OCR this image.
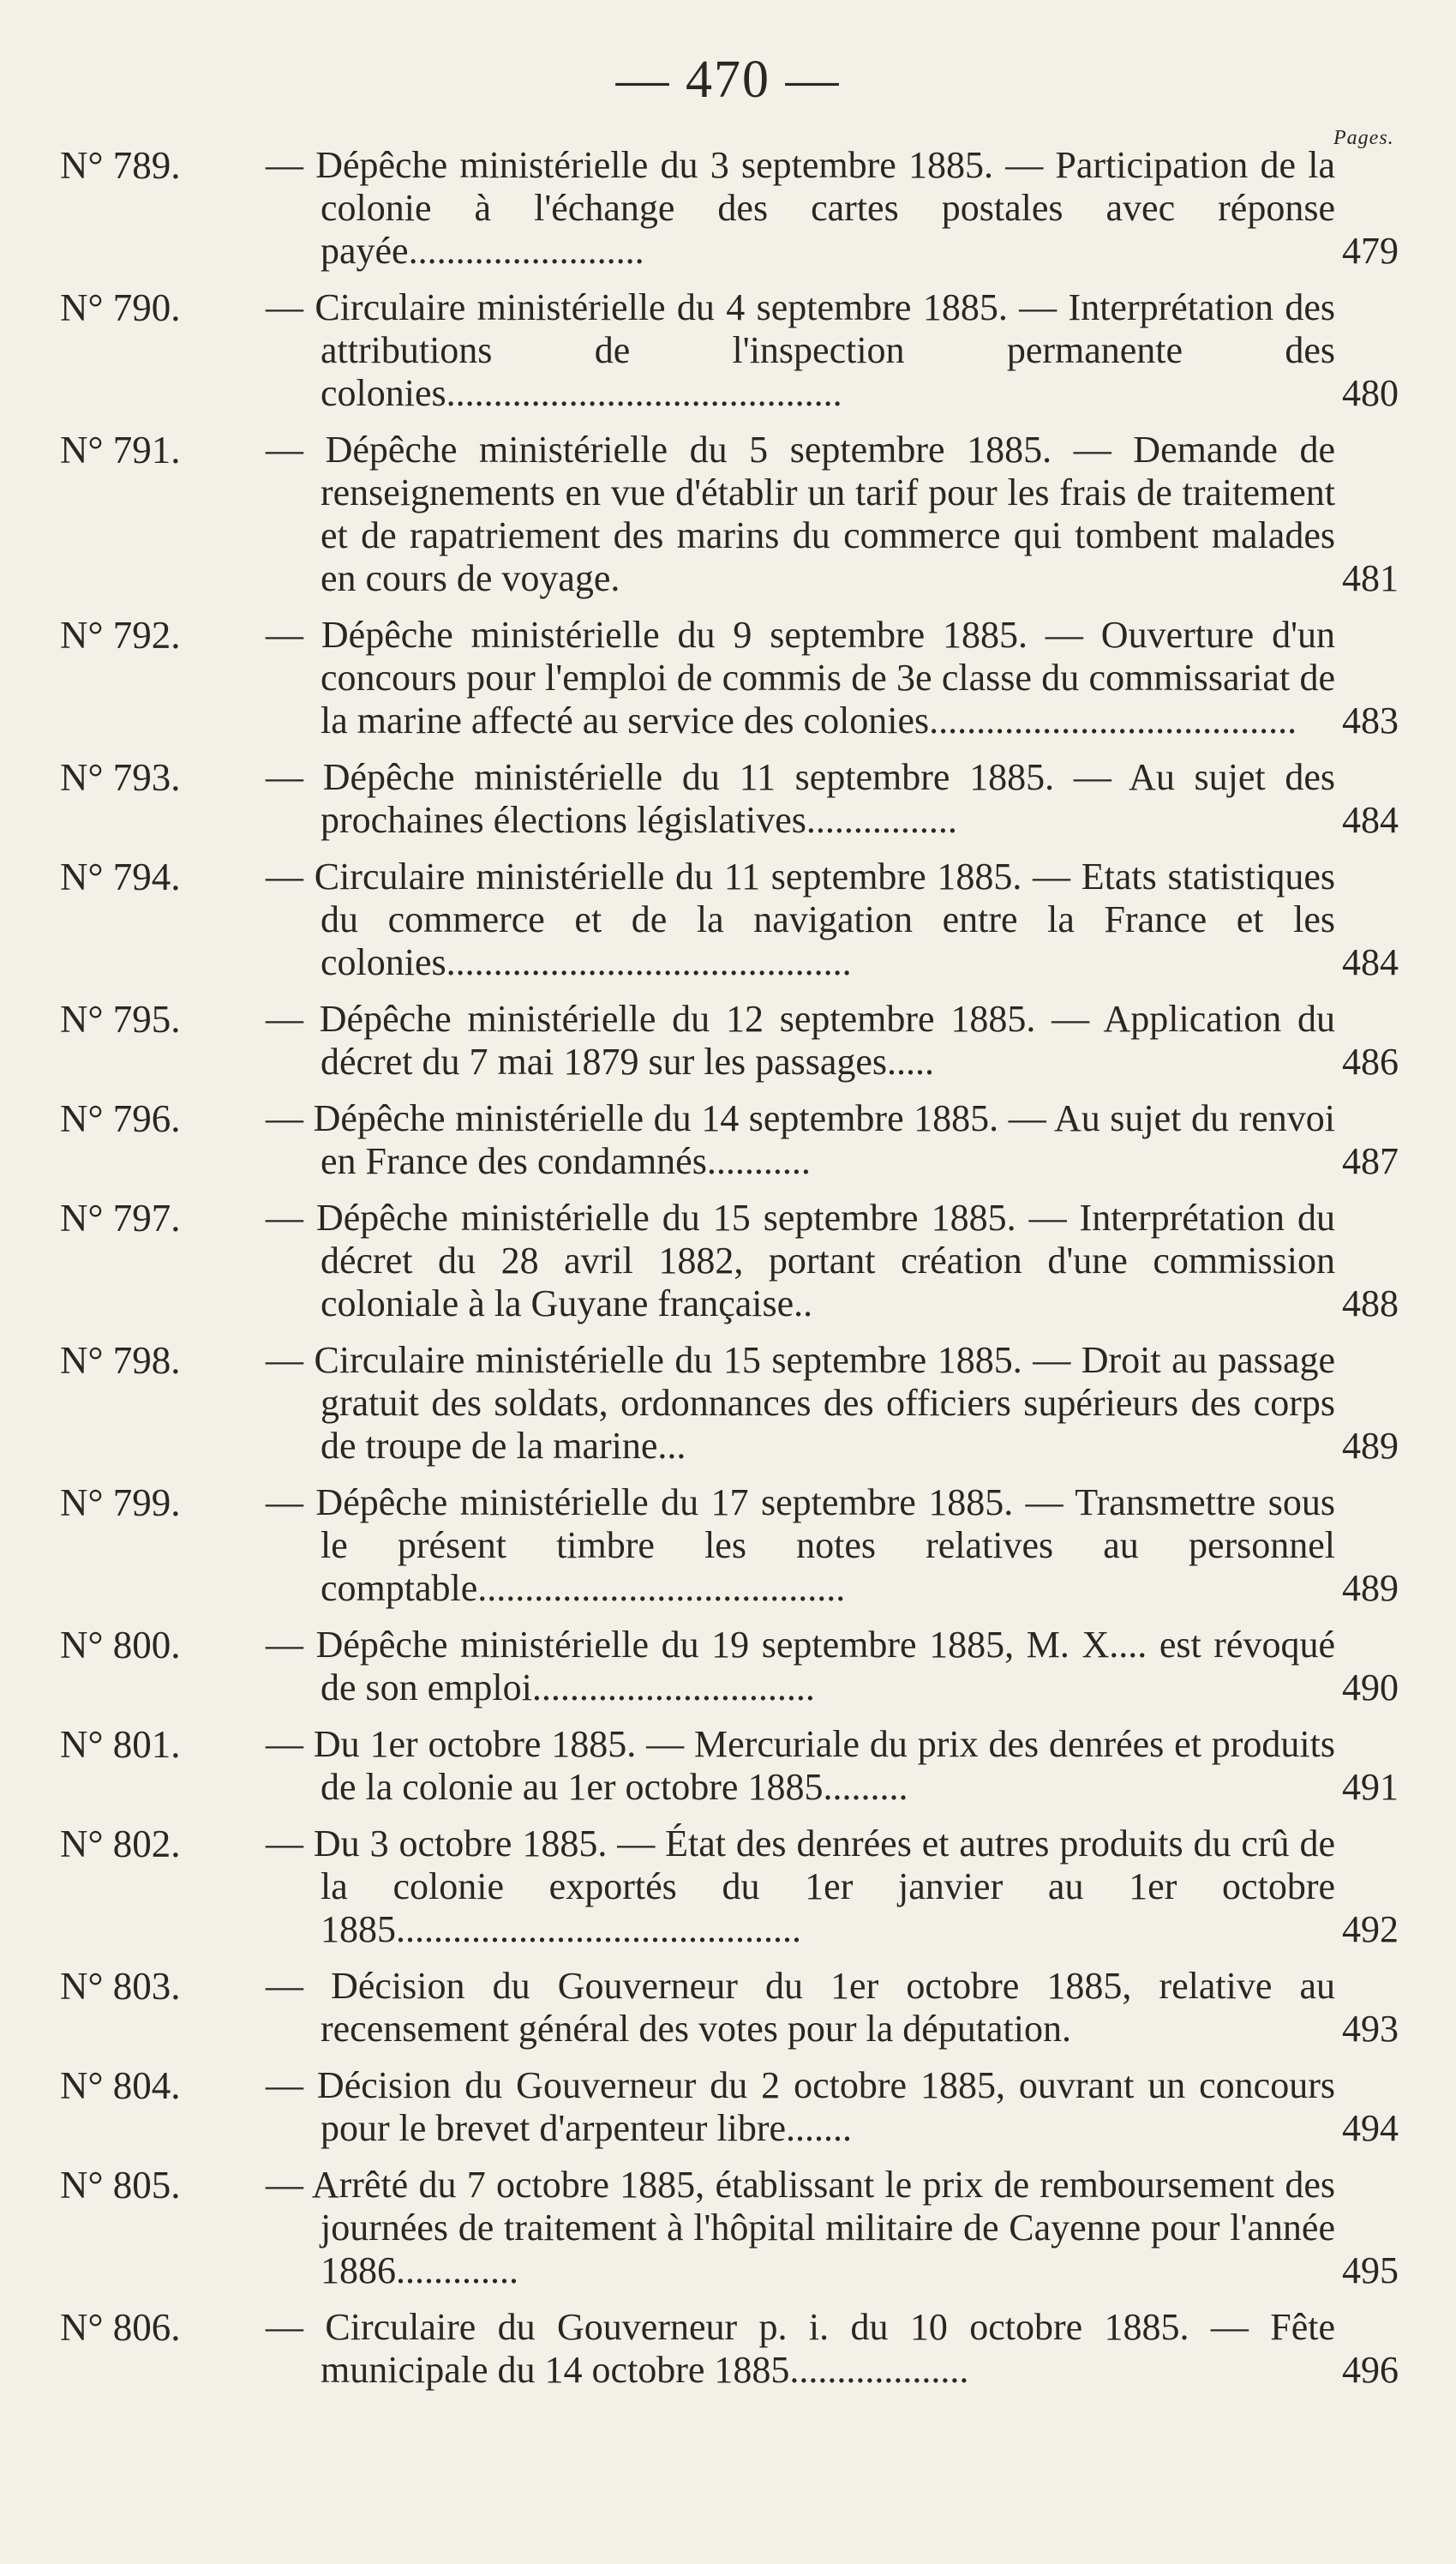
— 470 —
Pages.
N° 789.	— Dépêche ministérielle du 3 septembre 1885. — Participation de la colonie à l'échange des cartes postales avec réponse payée.........................	479
N° 790.	— Circulaire ministérielle du 4 septembre 1885. — Interprétation des attributions de l'inspection permanente des colonies..........................................	480
N° 791.	— Dépêche ministérielle du 5 septembre 1885. — Demande de renseignements en vue d'établir un tarif pour les frais de traitement et de rapatriement des marins du commerce qui tombent malades en cours de voyage.	481
N° 792.	— Dépêche ministérielle du 9 septembre 1885. — Ouverture d'un concours pour l'emploi de commis de 3e classe du commissariat de la marine affecté au service des colonies.......................................	483
N° 793.	— Dépêche ministérielle du 11 septembre 1885. — Au sujet des prochaines élections législatives................	484
N° 794.	— Circulaire ministérielle du 11 septembre 1885. — Etats statistiques du commerce et de la navigation entre la France et les colonies...........................................	484
N° 795.	— Dépêche ministérielle du 12 septembre 1885. — Application du décret du 7 mai 1879 sur les passages.....	486
N° 796.	— Dépêche ministérielle du 14 septembre 1885. — Au sujet du renvoi en France des condamnés...........	487
N° 797.	— Dépêche ministérielle du 15 septembre 1885. — Interprétation du décret du 28 avril 1882, portant création d'une commission coloniale à la Guyane française..	488
N° 798.	— Circulaire ministérielle du 15 septembre 1885. — Droit au passage gratuit des soldats, ordonnances des officiers supérieurs des corps de troupe de la marine...	489
N° 799.	— Dépêche ministérielle du 17 septembre 1885. — Transmettre sous le présent timbre les notes relatives au personnel comptable.......................................	489
N° 800.	— Dépêche ministérielle du 19 septembre 1885, M. X.... est révoqué de son emploi..............................	490
N° 801.	— Du 1er octobre 1885. — Mercuriale du prix des denrées et produits de la colonie au 1er octobre 1885.........	491
N° 802.	— Du 3 octobre 1885. — État des denrées et autres produits du crû de la colonie exportés du 1er janvier au 1er octobre 1885...........................................	492
N° 803.	— Décision du Gouverneur du 1er octobre 1885, relative au recensement général des votes pour la députation.	493
N° 804.	— Décision du Gouverneur du 2 octobre 1885, ouvrant un concours pour le brevet d'arpenteur libre.......	494
N° 805.	— Arrêté du 7 octobre 1885, établissant le prix de remboursement des journées de traitement à l'hôpital militaire de Cayenne pour l'année 1886.............	495
N° 806.	— Circulaire du Gouverneur p. i. du 10 octobre 1885. — Fête municipale du 14 octobre 1885...................	496
